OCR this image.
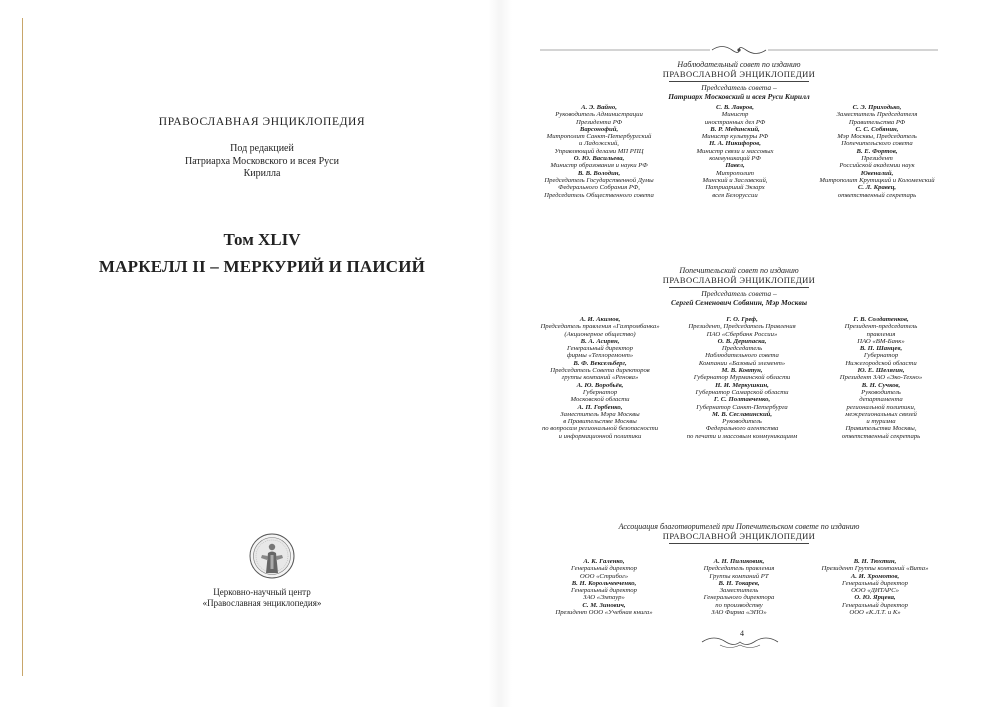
ПРАВОСЛАВНАЯ ЭНЦИКЛОПЕДИЯ
Под редакцией
Патриарха Московского и всея Руси
Кирилла
Том XLIV
МАРКЕЛЛ II – МЕРКУРИЙ И ПАИСИЙ
Церковно-научный центр
«Православная энциклопедия»
Наблюдательный совет по изданию
ПРАВОСЛАВНОЙ ЭНЦИКЛОПЕДИИ
Председатель совета –
Патриарх Московский и всея Руси Кирилл
А. Э. Вайно,
Руководитель Администрации
Президента РФ
Варсонофий,
Митрополит Санкт-Петербургский
и Ладожский,
Управляющий делами МП РПЦ
О. Ю. Васильева,
Министр образования и науки РФ
В. В. Володин,
Председатель Государственной Думы
Федерального Собрания РФ,
Председатель Общественного совета
С. В. Лавров,
Министр
иностранных дел РФ
В. Р. Мединский,
Министр культуры РФ
Н. А. Никифоров,
Министр связи и массовых
коммуникаций РФ
Павел,
Митрополит
Минский и Заславский,
Патриарший Экзарх
всея Белоруссии
С. Э. Приходько,
Заместитель Председателя
Правительства РФ
С. С. Собянин,
Мэр Москвы, Председатель
Попечительского совета
В. Е. Фортов,
Президент
Российской академии наук
Ювеналий,
Митрополит Крутицкий и Коломенский
С. Л. Кравец,
ответственный секретарь
Попечительский совет по изданию
ПРАВОСЛАВНОЙ ЭНЦИКЛОПЕДИИ
Председатель совета –
Сергей Семенович Собянин, Мэр Москвы
А. И. Акимов,
Председатель правления «Газпромбанка»
(Акционерное общество)
В. А. Асирян,
Генеральный директор
фирмы «Теплоремонт»
В. Ф. Вексельберг,
Председатель Совета директоров
группы компаний «Ренова»
А. Ю. Воробьёв,
Губернатор
Московской области
А. П. Горбенко,
Заместитель Мэра Москвы
в Правительстве Москвы
по вопросам региональной безопасности
и информационной политики
Г. О. Греф,
Президент, Председатель Правления
ПАО «Сбербанк России»
О. В. Дерипаска,
Председатель
Наблюдательного совета
Компании «Базовый элемент»
М. В. Ковтун,
Губернатор Мурманской области
Н. И. Меркушкин,
Губернатор Самарской области
Г. С. Полтавченко,
Губернатор Санкт-Петербурга
М. В. Сеславинский,
Руководитель
Федерального агентства
по печати и массовым коммуникациям
Г. В. Солдатенков,
Президент-председатель
правления
ПАО «ВМ-Банк»
В. П. Шанцев,
Губернатор
Нижегородской области
Ю. Е. Шелягин,
Президент ЗАО «Эко-Техно»
В. Н. Сучков,
Руководитель
департамента
региональной политики,
межрегиональных связей
и туризма
Правительства Москвы,
ответственный секретарь
Ассоциация благотворителей при Попечительском совете по изданию
ПРАВОСЛАВНОЙ ЭНЦИКЛОПЕДИИ
А. К. Галенко,
Генеральный директор
ООО «Стрибог»
В. Н. Корольчевченко,
Генеральный директор
ЗАО «Эмпаур»
С. М. Зинович,
Президент ООО «Учебная книга»
А. Н. Пиликовик,
Председатель правления
Группы компаний РТ
В. Н. Токарев,
Заместитель
Генерального директора
по производству
ЗАО Фирма «ЭПО»
В. Н. Тюхтин,
Президент Группы компаний «Вита»
А. И. Хромотов,
Генеральный директор
ООО «ДИТАРС»
О. Ю. Ярцева,
Генеральный директор
ООО «К.Л.Т. и К»
4
